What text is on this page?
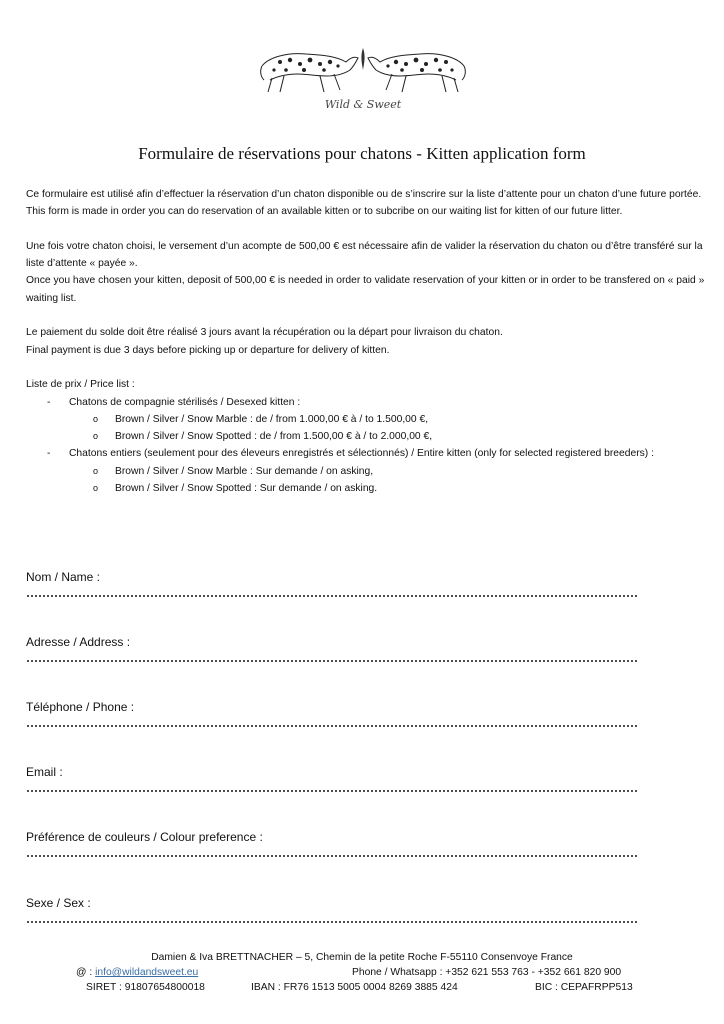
Wild & Sweet
Formulaire de réservations pour chatons - Kitten application form

Ce formulaire est utilisé afin d’effectuer la réservation d’un chaton disponible ou de s’inscrire sur la liste d’attente pour un chaton d’une future portée.

This form is made in order you can do reservation of an available kitten or to subcribe on our waiting list for kitten of our future litter.

Une fois votre chaton choisi, le versement d’un acompte de 500,00 € est nécessaire afin de valider la réservation du chaton ou d’être transféré sur la liste d’attente « payée ».

Once you have chosen your kitten, deposit of 500,00 € is needed in order to validate reservation of your kitten or in order to be transfered on « paid » waiting list.

Le paiement du solde doit être réalisé 3 jours avant la récupération ou la départ pour livraison du chaton.

Final payment is due 3 days before picking up or departure for delivery of kitten.

Liste de prix / Price list :

- Chatons de compagnie stérilisés / Desexed kitten :
o Brown / Silver / Snow Marble : de / from 1.000,00 € à / to 1.500,00 €,
o Brown / Silver / Snow Spotted : de / from 1.500,00 € à / to 2.000,00 €,
- Chatons entiers (seulement pour des éleveurs enregistrés et sélectionnés) / Entire kitten (only for selected registered breeders) :
o Brown / Silver / Snow Marble : Sur demande / on asking,
o Brown / Silver / Snow Spotted : Sur demande / on asking.
Nom / Name :
Adresse / Address :
Téléphone / Phone :
Email :
Préférence de couleurs / Colour preference :
Sexe / Sex :
Damien & Iva BRETTNACHER – 5, Chemin de la petite Roche F-55110 Consenvoye France
@ : info@wildandsweet.eu	Phone / Whatsapp : +352 621 553 763 - +352 661 820 900
SIRET : 91807654800018	IBAN : FR76 1513 5005 0004 8269 3885 424	BIC : CEPAFRPP513
